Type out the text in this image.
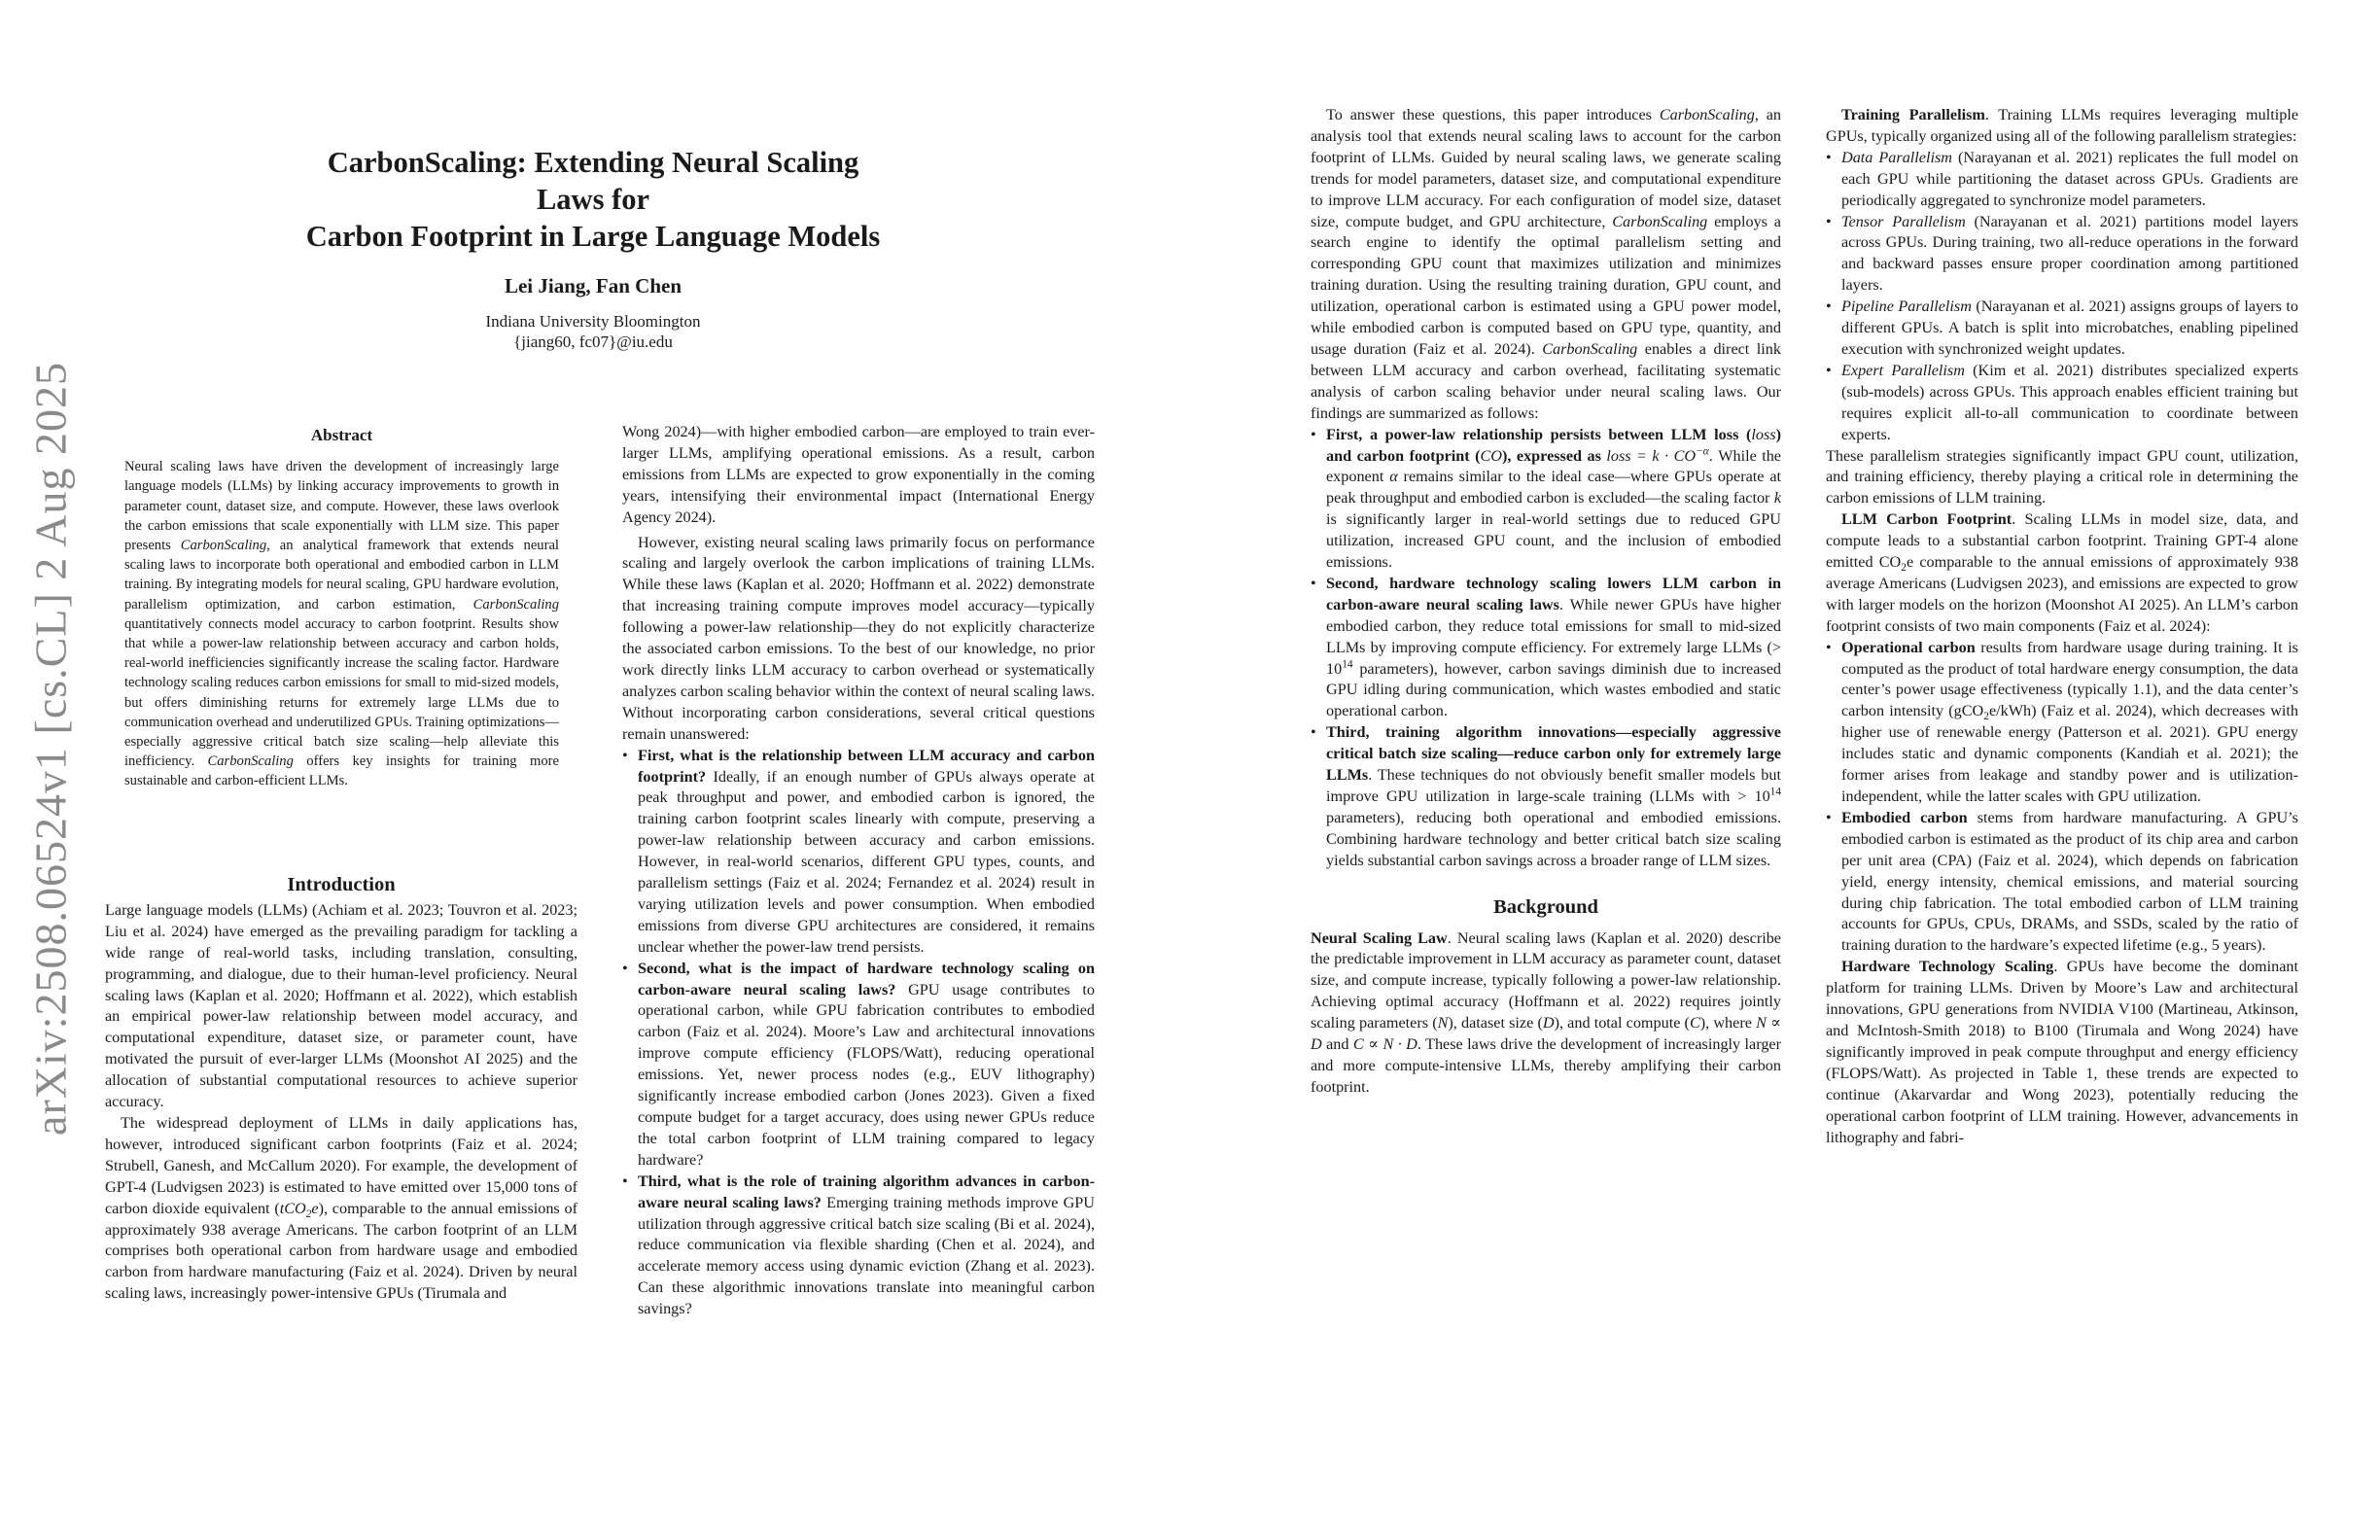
arXiv:2508.06524v1 [cs.CL] 2 Aug 2025
CarbonScaling: Extending Neural Scaling Laws for
Carbon Footprint in Large Language Models
Lei Jiang, Fan Chen
Indiana University Bloomington
{jiang60, fc07}@iu.edu
Abstract

Neural scaling laws have driven the development of increasingly large language models (LLMs) by linking accuracy improvements to growth in parameter count, dataset size, and compute. However, these laws overlook the carbon emissions that scale exponentially with LLM size. This paper presents CarbonScaling, an analytical framework that extends neural scaling laws to incorporate both operational and embodied carbon in LLM training. By integrating models for neural scaling, GPU hardware evolution, parallelism optimization, and carbon estimation, CarbonScaling quantitatively connects model accuracy to carbon footprint. Results show that while a power-law relationship between accuracy and carbon holds, real-world inefficiencies significantly increase the scaling factor. Hardware technology scaling reduces carbon emissions for small to mid-sized models, but offers diminishing returns for extremely large LLMs due to communication overhead and underutilized GPUs. Training optimizations—especially aggressive critical batch size scaling—help alleviate this inefficiency. CarbonScaling offers key insights for training more sustainable and carbon-efficient LLMs.

Introduction

Large language models (LLMs) (Achiam et al. 2023; Touvron et al. 2023; Liu et al. 2024) have emerged as the prevailing paradigm for tackling a wide range of real-world tasks, including translation, consulting, programming, and dialogue, due to their human-level proficiency. Neural scaling laws (Kaplan et al. 2020; Hoffmann et al. 2022), which establish an empirical power-law relationship between model accuracy, and computational expenditure, dataset size, or parameter count, have motivated the pursuit of ever-larger LLMs (Moonshot AI 2025) and the allocation of substantial computational resources to achieve superior accuracy.

The widespread deployment of LLMs in daily applications has, however, introduced significant carbon footprints (Faiz et al. 2024; Strubell, Ganesh, and McCallum 2020). For example, the development of GPT-4 (Ludvigsen 2023) is estimated to have emitted over 15,000 tons of carbon dioxide equivalent (tCO$_2$e), comparable to the annual emissions of approximately 938 average Americans. The carbon footprint of an LLM comprises both operational carbon from hardware usage and embodied carbon from hardware manufacturing (Faiz et al. 2024). Driven by neural scaling laws, increasingly power-intensive GPUs (Tirumala and

Wong 2024)—with higher embodied carbon—are employed to train ever-larger LLMs, amplifying operational emissions. As a result, carbon emissions from LLMs are expected to grow exponentially in the coming years, intensifying their environmental impact (International Energy Agency 2024).

However, existing neural scaling laws primarily focus on performance scaling and largely overlook the carbon implications of training LLMs. While these laws (Kaplan et al. 2020; Hoffmann et al. 2022) demonstrate that increasing training compute improves model accuracy—typically following a power-law relationship—they do not explicitly characterize the associated carbon emissions. To the best of our knowledge, no prior work directly links LLM accuracy to carbon overhead or systematically analyzes carbon scaling behavior within the context of neural scaling laws. Without incorporating carbon considerations, several critical questions remain unanswered:

• First, what is the relationship between LLM accuracy and carbon footprint? Ideally, if an enough number of GPUs always operate at peak throughput and power, and embodied carbon is ignored, the training carbon footprint scales linearly with compute, preserving a power-law relationship between accuracy and carbon emissions. However, in real-world scenarios, different GPU types, counts, and parallelism settings (Faiz et al. 2024; Fernandez et al. 2024) result in varying utilization levels and power consumption. When embodied emissions from diverse GPU architectures are considered, it remains unclear whether the power-law trend persists.
• Second, what is the impact of hardware technology scaling on carbon-aware neural scaling laws? GPU usage contributes to operational carbon, while GPU fabrication contributes to embodied carbon (Faiz et al. 2024). Moore’s Law and architectural innovations improve compute efficiency (FLOPS/Watt), reducing operational emissions. Yet, newer process nodes (e.g., EUV lithography) significantly increase embodied carbon (Jones 2023). Given a fixed compute budget for a target accuracy, does using newer GPUs reduce the total carbon footprint of LLM training compared to legacy hardware?
• Third, what is the role of training algorithm advances in carbon-aware neural scaling laws? Emerging training methods improve GPU utilization through aggressive critical batch size scaling (Bi et al. 2024), reduce communication via flexible sharding (Chen et al. 2024), and accelerate memory access using dynamic eviction (Zhang et al. 2023). Can these algorithmic innovations translate into meaningful carbon savings?

To answer these questions, this paper introduces CarbonScaling, an analysis tool that extends neural scaling laws to account for the carbon footprint of LLMs. Guided by neural scaling laws, we generate scaling trends for model parameters, dataset size, and computational expenditure to improve LLM accuracy. For each configuration of model size, dataset size, compute budget, and GPU architecture, CarbonScaling employs a search engine to identify the optimal parallelism setting and corresponding GPU count that maximizes utilization and minimizes training duration. Using the resulting training duration, GPU count, and utilization, operational carbon is estimated using a GPU power model, while embodied carbon is computed based on GPU type, quantity, and usage duration (Faiz et al. 2024). CarbonScaling enables a direct link between LLM accuracy and carbon overhead, facilitating systematic analysis of carbon scaling behavior under neural scaling laws. Our findings are summarized as follows:

• First, a power-law relationship persists between LLM loss (loss) and carbon footprint (CO), expressed as loss = $k \cdot CO^{-\alpha}$. While the exponent α remains similar to the ideal case—where GPUs operate at peak throughput and embodied carbon is excluded—the scaling factor k is significantly larger in real-world settings due to reduced GPU utilization, increased GPU count, and the inclusion of embodied emissions.
• Second, hardware technology scaling lowers LLM carbon in carbon-aware neural scaling laws. While newer GPUs have higher embodied carbon, they reduce total emissions for small to mid-sized LLMs by improving compute efficiency. For extremely large LLMs (> $10^{14}$ parameters), however, carbon savings diminish due to increased GPU idling during communication, which wastes embodied and static operational carbon.
• Third, training algorithm innovations—especially aggressive critical batch size scaling—reduce carbon only for extremely large LLMs. These techniques do not obviously benefit smaller models but improve GPU utilization in large-scale training (LLMs with > $10^{14}$ parameters), reducing both operational and embodied emissions. Combining hardware technology and better critical batch size scaling yields substantial carbon savings across a broader range of LLM sizes.
Background

Neural Scaling Law. Neural scaling laws (Kaplan et al. 2020) describe the predictable improvement in LLM accuracy as parameter count, dataset size, and compute increase, typically following a power-law relationship. Achieving optimal accuracy (Hoffmann et al. 2022) requires jointly scaling parameters (N), dataset size (D), and total compute (C), where N ∝ D and C ∝ N · D. These laws drive the development of increasingly larger and more compute-intensive LLMs, thereby amplifying their carbon footprint.

Training Parallelism. Training LLMs requires leveraging multiple GPUs, typically organized using all of the following parallelism strategies:

• Data Parallelism (Narayanan et al. 2021) replicates the full model on each GPU while partitioning the dataset across GPUs. Gradients are periodically aggregated to synchronize model parameters.
• Tensor Parallelism (Narayanan et al. 2021) partitions model layers across GPUs. During training, two all-reduce operations in the forward and backward passes ensure proper coordination among partitioned layers.
• Pipeline Parallelism (Narayanan et al. 2021) assigns groups of layers to different GPUs. A batch is split into microbatches, enabling pipelined execution with synchronized weight updates.
• Expert Parallelism (Kim et al. 2021) distributes specialized experts (sub-models) across GPUs. This approach enables efficient training but requires explicit all-to-all communication to coordinate between experts.

These parallelism strategies significantly impact GPU count, utilization, and training efficiency, thereby playing a critical role in determining the carbon emissions of LLM training.

LLM Carbon Footprint. Scaling LLMs in model size, data, and compute leads to a substantial carbon footprint. Training GPT-4 alone emitted $CO_2e$ comparable to the annual emissions of approximately 938 average Americans (Ludvigsen 2023), and emissions are expected to grow with larger models on the horizon (Moonshot AI 2025). An LLM’s carbon footprint consists of two main components (Faiz et al. 2024):

• Operational carbon results from hardware usage during training. It is computed as the product of total hardware energy consumption, the data center’s power usage effectiveness (typically 1.1), and the data center’s carbon intensity (gCO$_2$e/kWh) (Faiz et al. 2024), which decreases with higher use of renewable energy (Patterson et al. 2021). GPU energy includes static and dynamic components (Kandiah et al. 2021); the former arises from leakage and standby power and is utilization-independent, while the latter scales with GPU utilization.
• Embodied carbon stems from hardware manufacturing. A GPU’s embodied carbon is estimated as the product of its chip area and carbon per unit area (CPA) (Faiz et al. 2024), which depends on fabrication yield, energy intensity, chemical emissions, and material sourcing during chip fabrication. The total embodied carbon of LLM training accounts for GPUs, CPUs, DRAMs, and SSDs, scaled by the ratio of training duration to the hardware’s expected lifetime (e.g., 5 years).

Hardware Technology Scaling. GPUs have become the dominant platform for training LLMs. Driven by Moore’s Law and architectural innovations, GPU generations from NVIDIA V100 (Martineau, Atkinson, and McIntosh-Smith 2018) to B100 (Tirumala and Wong 2024) have significantly improved in peak compute throughput and energy efficiency (FLOPS/Watt). As projected in Table 1, these trends are expected to continue (Akarvardar and Wong 2023), potentially reducing the operational carbon footprint of LLM training. However, advancements in lithography and fabri-
